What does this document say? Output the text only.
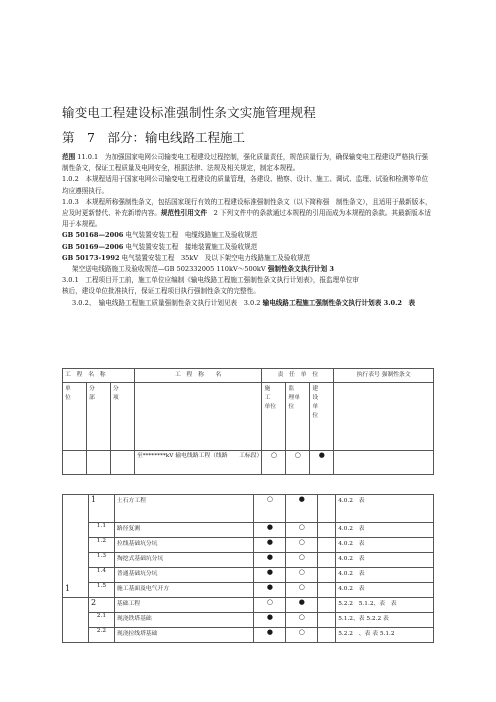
输变电工程建设标准强制性条文实施管理规程
第　7　部分：输电线路工程施工

范围 11.0.1　为加强国家电网公司输变电工程建设过程控制，强化质量责任，规范质量行为，确保输变电工程建设严格执行强制性条文，保证工程质量及电网安全，根据法律、法规及相关规定，制定本规程。

1.0.2　本规程适用于国家电网公司输变电工程建设的质量管理，各建设、勘察、设计、施工、调试、监理、试验和检测等单位均应遵照执行。

1.0.3　本规程所称强制性条文，包括国家现行有效的工程建设标准强制性条文（以下简称强　制性条文），且适用于最新版本，应及时更新替代、补充新增内容。规范性引用文件　2 下列文件中的条款通过本规程的引用而成为本规程的条款。其最新版本适用于本规程。

GB 50168—2006 电气装置安装工程　电缆线路施工及验收规范

GB 50169—2006 电气装置安装工程　接地装置施工及验收规范

GB 50173-1992 电气装置安装工程　35kV　及以下架空电力线路施工及验收规范

架空送电线路施工及验收规范—GB 502332005 110kV～500kV 强制性条文执行计划 3

3.0.1　工程项目开工前，施工单位应编制《输电线路工程施工强制性条文执行计划表》，报监理单位审

核后，建设单位批准执行，保证工程项目执行强制性条文的完整性。

3.0.2、　输电线路工程施工质量强制性条文执行计划见表　3.0.2 输电线路工程施工强制性条文执行计划表 3.0.2　表

工　程　名　称			工　程　称　　名	责　任　单　位			执行表号 强制性条文
单
位	分
部	分
项		施
工
单位	监
理单
位	建
设
单
位	
			至********kV 输电线路工程（线路　　工标段）	○	○	●	
1	1	土石方工程	○	●		4.0.2　表
	1.1	路径复测	●	○		4.0.2　表
	1.2	拉线基础坑分坑	●	○		4.0.2　表
	1.3	掏挖式基础坑分坑	●	○		4.0.2　表
	1.4	普通基础坑分坑	●	○		4.0.2　表
	1.5	施工基面及电气开方	●	○		4.0.2　表
	2	基础工程	○	●		5.2.2　5.1.2、表　表
	2.1	现浇铁塔基础	●	○		5.1.2、表 5.2.2 表
	2.2	现浇拉线塔基础	●	○		5.2.2　、表 表 5.1.2
